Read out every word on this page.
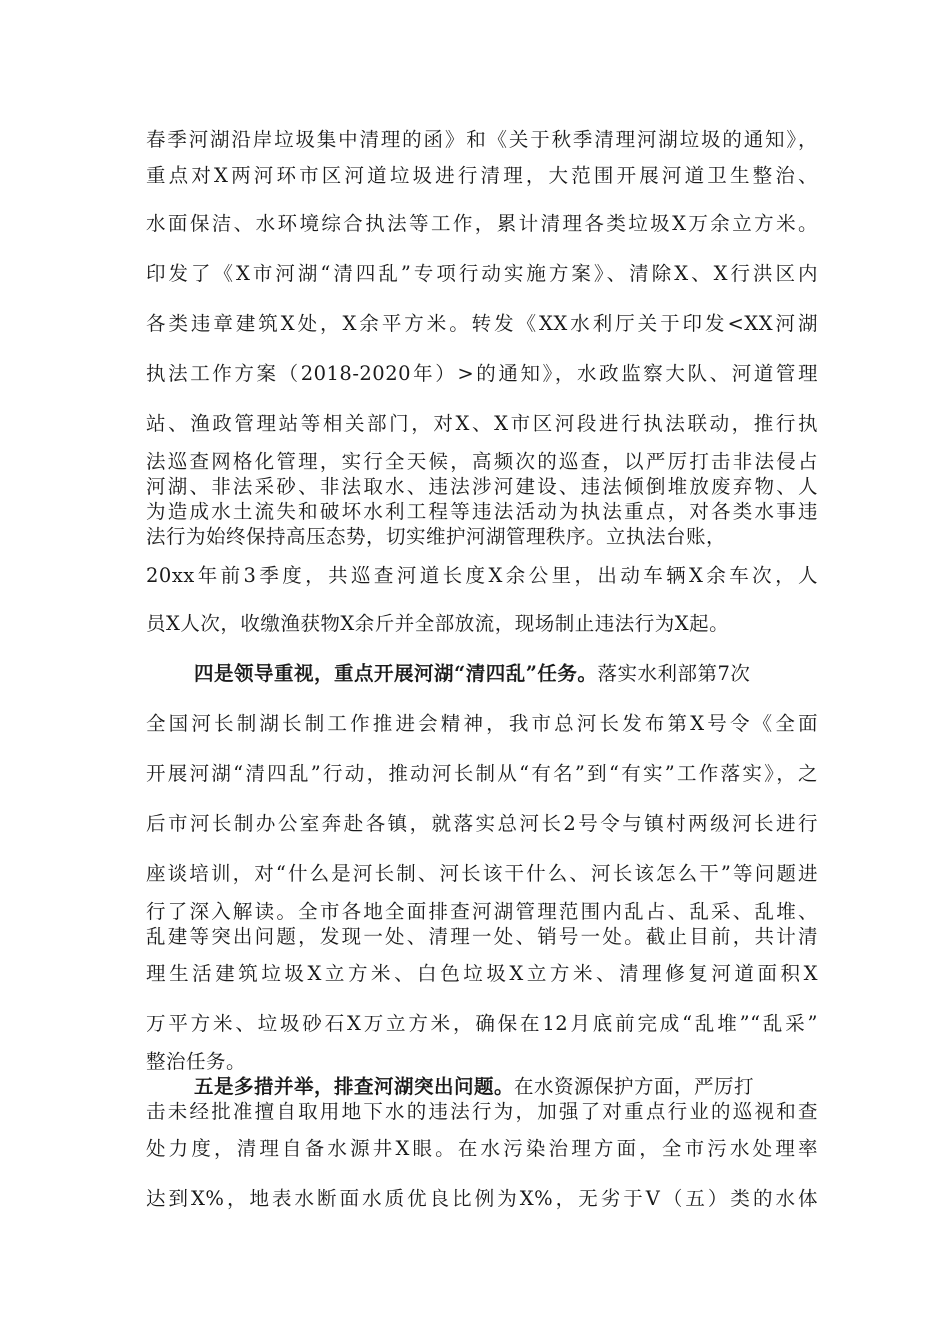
春季河湖沿岸垃圾集中清理的函》和《关于秋季清理河湖垃圾的通知》，
重点对X两河环市区河道垃圾进行清理，大范围开展河道卫生整治、
水面保洁、水环境综合执法等工作，累计清理各类垃圾X万余立方米。
印发了《X市河湖“清四乱”专项行动实施方案》、清除X、X行洪区内
各类违章建筑X处，X余平方米。转发《XX水利厅关于印发<XX河湖
执法工作方案（2018-2020年）>的通知》，水政监察大队、河道管理
站、渔政管理站等相关部门，对X、X市区河段进行执法联动，推行执
法巡查网格化管理，实行全天候，高频次的巡查，以严厉打击非法侵占
河湖、非法采砂、非法取水、违法涉河建设、违法倾倒堆放废弃物、人
为造成水土流失和破坏水利工程等违法活动为执法重点，对各类水事违
法行为始终保持高压态势，切实维护河湖管理秩序。立执法台账，
20xx年前3季度，共巡查河道长度X余公里，出动车辆X余车次，人
员X人次，收缴渔获物X余斤并全部放流，现场制止违法行为X起。
四是领导重视，重点开展河湖“清四乱”任务。落实水利部第7次
全国河长制湖长制工作推进会精神，我市总河长发布第X号令《全面
开展河湖“清四乱”行动，推动河长制从“有名”到“有实”工作落实》，之
后市河长制办公室奔赴各镇，就落实总河长2号令与镇村两级河长进行
座谈培训，对“什么是河长制、河长该干什么、河长该怎么干”等问题进
行了深入解读。全市各地全面排查河湖管理范围内乱占、乱采、乱堆、
乱建等突出问题，发现一处、清理一处、销号一处。截止目前，共计清
理生活建筑垃圾X立方米、白色垃圾X立方米、清理修复河道面积X
万平方米、垃圾砂石X万立方米，确保在12月底前完成“乱堆”“乱采”
整治任务。
五是多措并举，排查河湖突出问题。在水资源保护方面，严厉打
击未经批准擅自取用地下水的违法行为，加强了对重点行业的巡视和查
处力度，清理自备水源井X眼。在水污染治理方面，全市污水处理率
达到X%，地表水断面水质优良比例为X%，无劣于V（五）类的水体
